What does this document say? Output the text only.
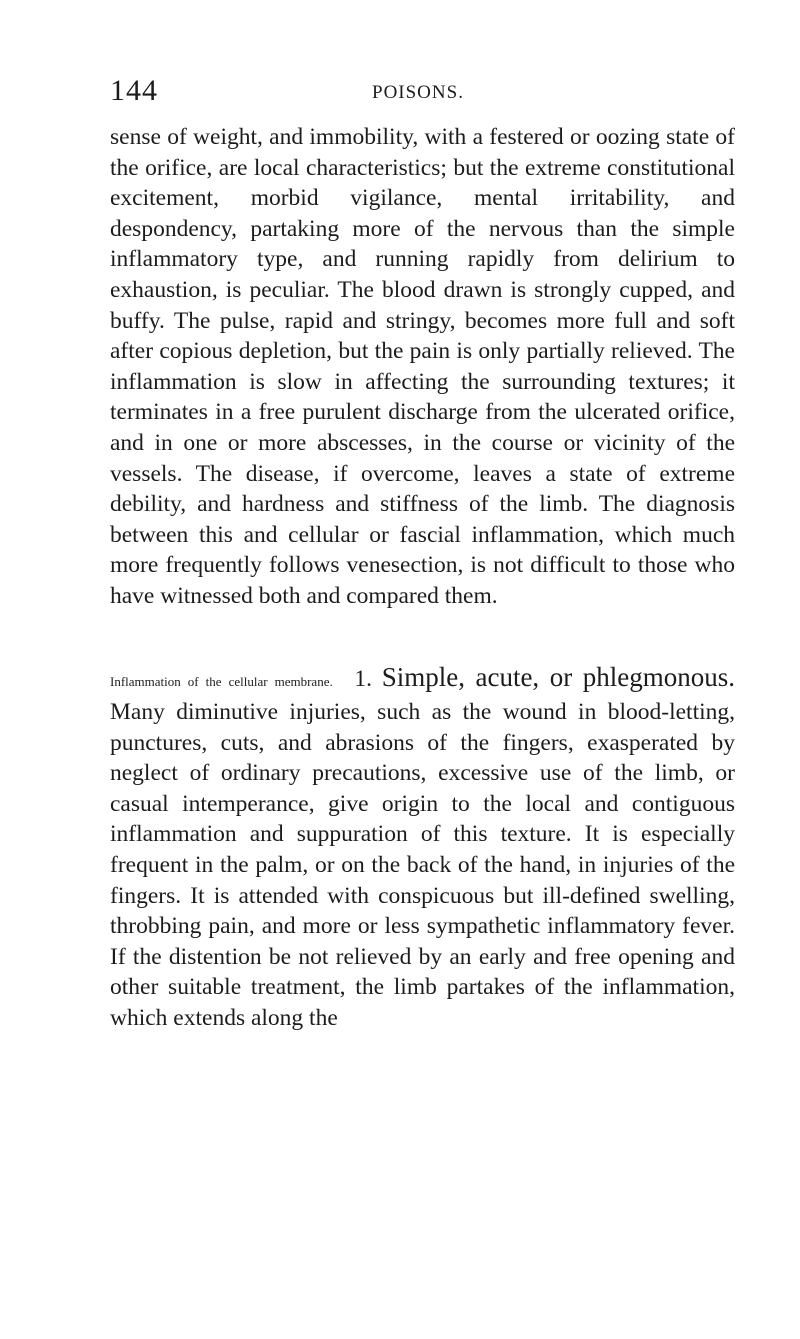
144	POISONS.

sense of weight, and immobility, with a festered or oozing state of the orifice, are local characteristics; but the extreme constitutional excitement, morbid vigilance, mental irritability, and despondency, partaking more of the nervous than the simple inflammatory type, and running rapidly from delirium to exhaustion, is peculiar. The blood drawn is strongly cupped, and buffy. The pulse, rapid and stringy, becomes more full and soft after copious depletion, but the pain is only partially relieved. The inflammation is slow in affecting the surrounding textures; it terminates in a free purulent discharge from the ulcerated orifice, and in one or more abscesses, in the course or vicinity of the vessels. The disease, if overcome, leaves a state of extreme debility, and hardness and stiffness of the limb. The diagnosis between this and cellular or fascial inflammation, which much more frequently follows venesection, is not difficult to those who have witnessed both and compared them.

Inflammation of the cellular membrane. 1. Simple, acute, or phlegmonous. Many diminutive injuries, such as the wound in blood-letting, punctures, cuts, and abrasions of the fingers, exasperated by neglect of ordinary precautions, excessive use of the limb, or casual intemperance, give origin to the local and contiguous inflammation and suppuration of this texture. It is especially frequent in the palm, or on the back of the hand, in injuries of the fingers. It is attended with conspicuous but ill-defined swelling, throbbing pain, and more or less sympathetic inflammatory fever. If the distention be not relieved by an early and free opening and other suitable treatment, the limb partakes of the inflammation, which extends along the
